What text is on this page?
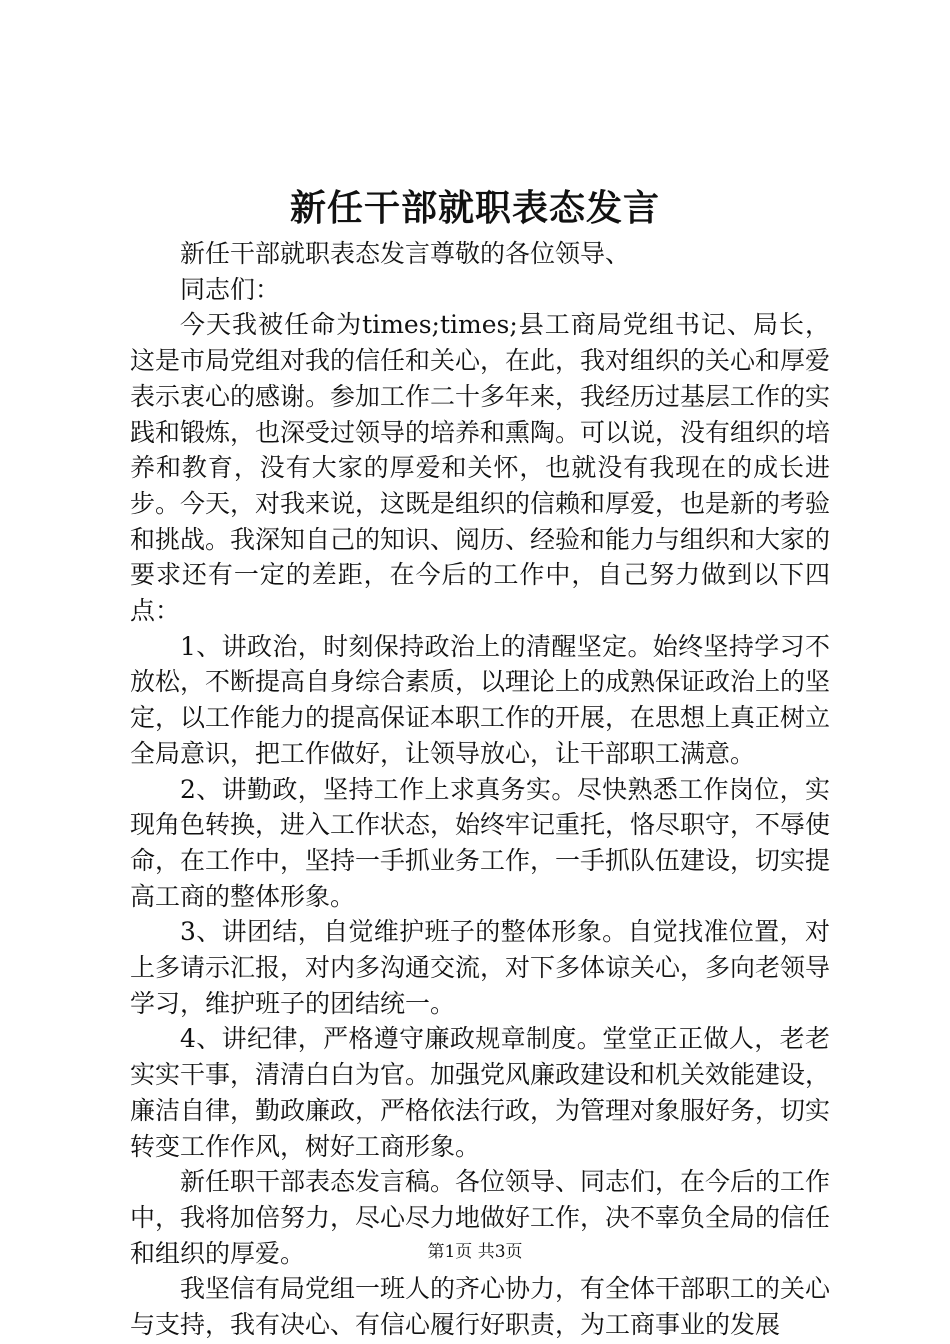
新任干部就职表态发言

新任干部就职表态发言尊敬的各位领导、

同志们：

今天我被任命为times;times;县工商局党组书记、局长，这是市局党组对我的信任和关心，在此，我对组织的关心和厚爱表示衷心的感谢。参加工作二十多年来，我经历过基层工作的实践和锻炼，也深受过领导的培养和熏陶。可以说，没有组织的培养和教育，没有大家的厚爱和关怀，也就没有我现在的成长进步。今天，对我来说，这既是组织的信赖和厚爱，也是新的考验和挑战。我深知自己的知识、阅历、经验和能力与组织和大家的要求还有一定的差距，在今后的工作中，自己努力做到以下四点：

1、讲政治，时刻保持政治上的清醒坚定。始终坚持学习不放松，不断提高自身综合素质，以理论上的成熟保证政治上的坚定，以工作能力的提高保证本职工作的开展，在思想上真正树立全局意识，把工作做好，让领导放心，让干部职工满意。

2、讲勤政，坚持工作上求真务实。尽快熟悉工作岗位，实现角色转换，进入工作状态，始终牢记重托，恪尽职守，不辱使命，在工作中，坚持一手抓业务工作，一手抓队伍建设，切实提高工商的整体形象。

3、讲团结，自觉维护班子的整体形象。自觉找准位置，对上多请示汇报，对内多沟通交流，对下多体谅关心，多向老领导学习，维护班子的团结统一。

4、讲纪律，严格遵守廉政规章制度。堂堂正正做人，老老实实干事，清清白白为官。加强党风廉政建设和机关效能建设，廉洁自律，勤政廉政，严格依法行政，为管理对象服好务，切实转变工作作风，树好工商形象。

新任职干部表态发言稿。各位领导、同志们，在今后的工作中，我将加倍努力，尽心尽力地做好工作，决不辜负全局的信任和组织的厚爱。

我坚信有局党组一班人的齐心协力，有全体干部职工的关心与支持，我有决心、有信心履行好职责，为工商事业的发展

第1页 共3页
